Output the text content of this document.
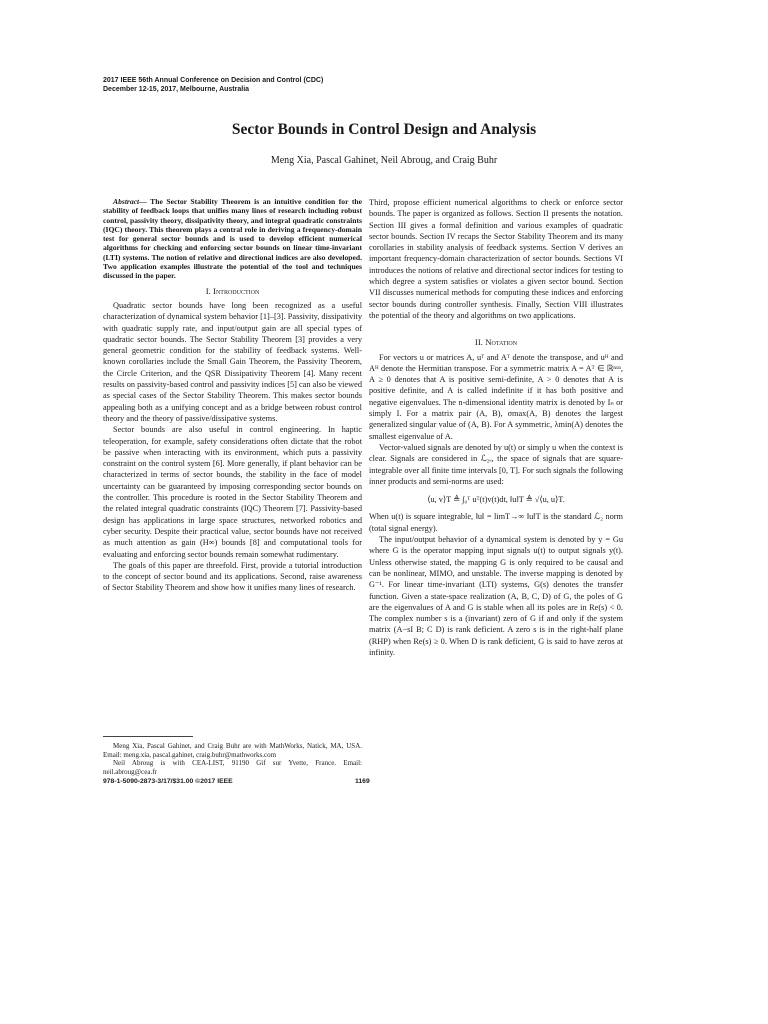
2017 IEEE 56th Annual Conference on Decision and Control (CDC)
December 12-15, 2017, Melbourne, Australia
Sector Bounds in Control Design and Analysis
Meng Xia, Pascal Gahinet, Neil Abroug, and Craig Buhr

Abstract— The Sector Stability Theorem is an intuitive condition for the stability of feedback loops that unifies many lines of research including robust control, passivity theory, dissipativity theory, and integral quadratic constraints (IQC) theory. This theorem plays a central role in deriving a frequency-domain test for general sector bounds and is used to develop efficient numerical algorithms for checking and enforcing sector bounds on linear time-invariant (LTI) systems. The notion of relative and directional indices are also developed. Two application examples illustrate the potential of the tool and techniques discussed in the paper.

I. Introduction

Quadratic sector bounds have long been recognized as a useful characterization of dynamical system behavior [1]–[3]. Passivity, dissipativity with quadratic supply rate, and input/output gain are all special types of quadratic sector bounds. The Sector Stability Theorem [3] provides a very general geometric condition for the stability of feedback systems. Well-known corollaries include the Small Gain Theorem, the Passivity Theorem, the Circle Criterion, and the QSR Dissipativity Theorem [4]. Many recent results on passivity-based control and passivity indices [5] can also be viewed as special cases of the Sector Stability Theorem. This makes sector bounds appealing both as a unifying concept and as a bridge between robust control theory and the theory of passive/dissipative systems.

Sector bounds are also useful in control engineering. In haptic teleoperation, for example, safety considerations often dictate that the robot be passive when interacting with its environment, which puts a passivity constraint on the control system [6]. More generally, if plant behavior can be characterized in terms of sector bounds, the stability in the face of model uncertainty can be guaranteed by imposing corresponding sector bounds on the controller. This procedure is rooted in the Sector Stability Theorem and the related integral quadratic constraints (IQC) Theorem [7]. Passivity-based design has applications in large space structures, networked robotics and cyber security. Despite their practical value, sector bounds have not received as much attention as gain (H∞) bounds [8] and computational tools for evaluating and enforcing sector bounds remain somewhat rudimentary.

The goals of this paper are threefold. First, provide a tutorial introduction to the concept of sector bound and its applications. Second, raise awareness of Sector Stability Theorem and show how it unifies many lines of research.

Meng Xia, Pascal Gahinet, and Craig Buhr are with MathWorks, Natick, MA, USA. Email: meng.xia, pascal.gahinet, craig.buhr@mathworks.com

Neil Abroug is with CEA-LIST, 91190 Gif sur Yvette, France. Email: neil.abroug@cea.fr

Third, propose efficient numerical algorithms to check or enforce sector bounds. The paper is organized as follows. Section II presents the notation. Section III gives a formal definition and various examples of quadratic sector bounds. Section IV recaps the Sector Stability Theorem and its many corollaries in stability analysis of feedback systems. Section V derives an important frequency-domain characterization of sector bounds. Sections VI introduces the notions of relative and directional sector indices for testing to which degree a system satisfies or violates a given sector bound. Section VII discusses numerical methods for computing these indices and enforcing sector bounds during controller synthesis. Finally, Section VIII illustrates the potential of the theory and algorithms on two applications.

II. Notation

For vectors u or matrices A, uᵀ and Aᵀ denote the transpose, and uᴴ and Aᴴ denote the Hermitian transpose. For a symmetric matrix A = Aᵀ ∈ ℝⁿˣⁿ, A ≥ 0 denotes that A is positive semi-definite, A > 0 denotes that A is positive definite, and A is called indefinite if it has both positive and negative eigenvalues. The n-dimensional identity matrix is denoted by Iₙ or simply I. For a matrix pair (A, B), σmax(A, B) denotes the largest generalized singular value of (A, B). For A symmetric, λmin(A) denotes the smallest eigenvalue of A.

Vector-valued signals are denoted by u(t) or simply u when the context is clear. Signals are considered in ℒ₂ₑ, the space of signals that are square-integrable over all finite time intervals [0, T]. For such signals the following inner products and semi-norms are used:

⟨u, v⟩T ≜ ∫₀ᵀ uᵀ(t)v(t)dt, ‖u‖T ≜ √⟨u, u⟩T.

When u(t) is square integrable, ‖u‖ = limT→∞ ‖u‖T is the standard ℒ₂ norm (total signal energy).

The input/output behavior of a dynamical system is denoted by y = Gu where G is the operator mapping input signals u(t) to output signals y(t). Unless otherwise stated, the mapping G is only required to be causal and can be nonlinear, MIMO, and unstable. The inverse mapping is denoted by G⁻¹. For linear time-invariant (LTI) systems, G(s) denotes the transfer function. Given a state-space realization (A, B, C, D) of G, the poles of G are the eigenvalues of A and G is stable when all its poles are in Re(s) < 0. The complex number s is a (invariant) zero of G if and only if the system matrix (A−sI B; C D) is rank deficient. A zero s is in the right-half plane (RHP) when Re(s) ≥ 0. When D is rank deficient, G is said to have zeros at infinity.

978-1-5090-2873-3/17/$31.00 ©2017 IEEE	1169
